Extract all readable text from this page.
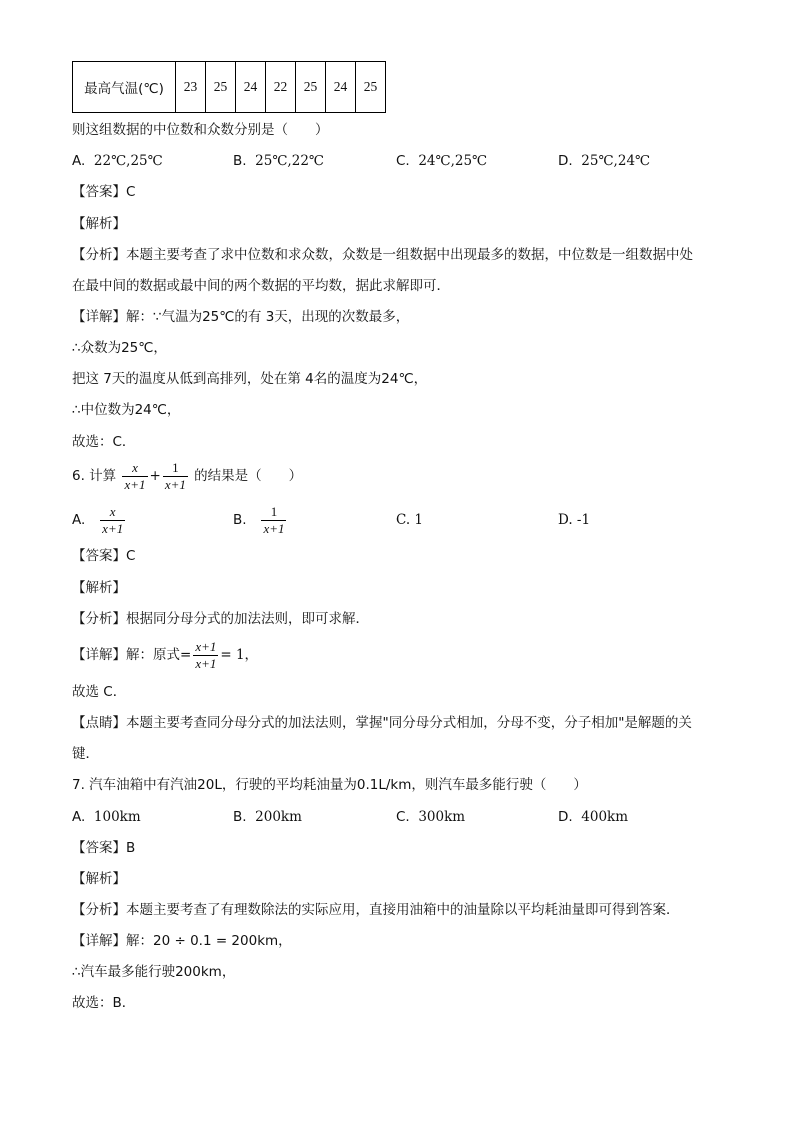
最高气温(℃)	23	25	24	22	25	24	25
则这组数据的中位数和众数分别是（　　）
A. 22℃,25℃	B. 25℃,22℃	C. 24℃,25℃	D. 25℃,24℃
【答案】C
【解析】
【分析】本题主要考查了求中位数和求众数，众数是一组数据中出现最多的数据，中位数是一组数据中处
在最中间的数据或最中间的两个数据的平均数，据此求解即可．
【详解】解：∵气温为25℃的有 3天，出现的次数最多，
∴众数为25℃，
把这 7天的温度从低到高排列，处在第 4名的温度为24℃，
∴中位数为24℃，
故选：C．
6. 计算 $\frac{x}{x+1} + \frac{1}{x+1}$ 的结果是（　　）
A. $\frac{x}{x+1}$	B. $\frac{1}{x+1}$	C. 1	D. -1
【答案】C
【解析】
【分析】根据同分母分式的加法法则，即可求解．
【详解】解：原式= $\frac{x+1}{x+1} = 1$，
故选 C．
【点睛】本题主要考查同分母分式的加法法则，掌握"同分母分式相加，分母不变，分子相加"是解题的关
键．
7. 汽车油箱中有汽油20L，行驶的平均耗油量为0.1L/km，则汽车最多能行驶（　　）
A. 100km	B. 200km	C. 300km	D. 400km
【答案】B
【解析】
【分析】本题主要考查了有理数除法的实际应用，直接用油箱中的油量除以平均耗油量即可得到答案．
【详解】解：20 ÷ 0.1 = 200km，
∴汽车最多能行驶200km，
故选：B．
